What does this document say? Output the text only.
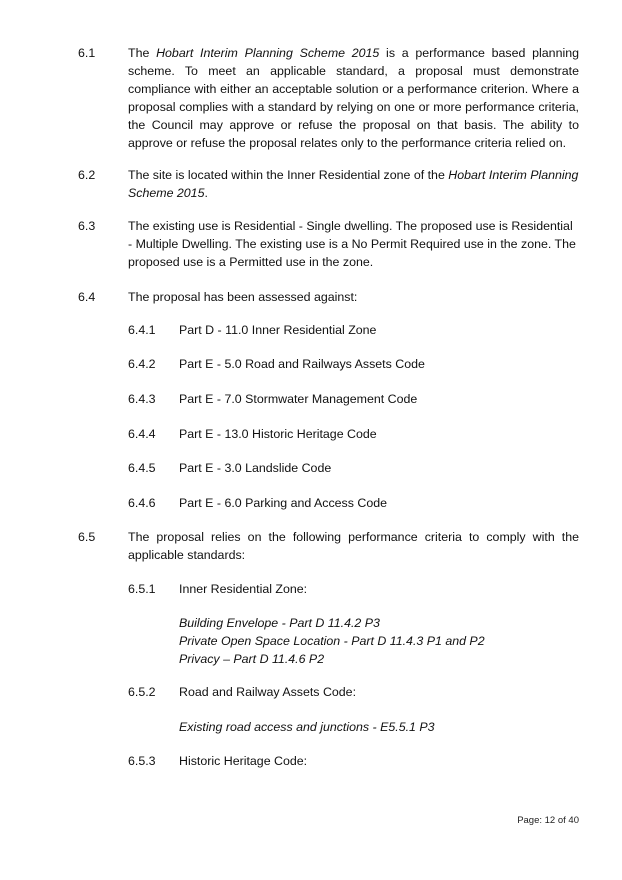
6.1	The Hobart Interim Planning Scheme 2015 is a performance based planning scheme. To meet an applicable standard, a proposal must demonstrate compliance with either an acceptable solution or a performance criterion. Where a proposal complies with a standard by relying on one or more performance criteria, the Council may approve or refuse the proposal on that basis. The ability to approve or refuse the proposal relates only to the performance criteria relied on.
6.2	The site is located within the Inner Residential zone of the Hobart Interim Planning Scheme 2015.
6.3	The existing use is Residential - Single dwelling. The proposed use is Residential - Multiple Dwelling. The existing use is a No Permit Required use in the zone. The proposed use is a Permitted use in the zone.
6.4	The proposal has been assessed against:
6.4.1 Part D - 11.0 Inner Residential Zone
6.4.2 Part E - 5.0 Road and Railways Assets Code
6.4.3 Part E - 7.0 Stormwater Management Code
6.4.4 Part E - 13.0 Historic Heritage Code
6.4.5 Part E - 3.0 Landslide Code
6.4.6 Part E - 6.0 Parking and Access Code
6.5	The proposal relies on the following performance criteria to comply with the applicable standards:
6.5.1 Inner Residential Zone:
Building Envelope - Part D 11.4.2 P3
Private Open Space Location - Part D 11.4.3 P1 and P2
Privacy – Part D 11.4.6 P2
6.5.2 Road and Railway Assets Code:
Existing road access and junctions - E5.5.1 P3
6.5.3 Historic Heritage Code:
Page: 12 of 40
